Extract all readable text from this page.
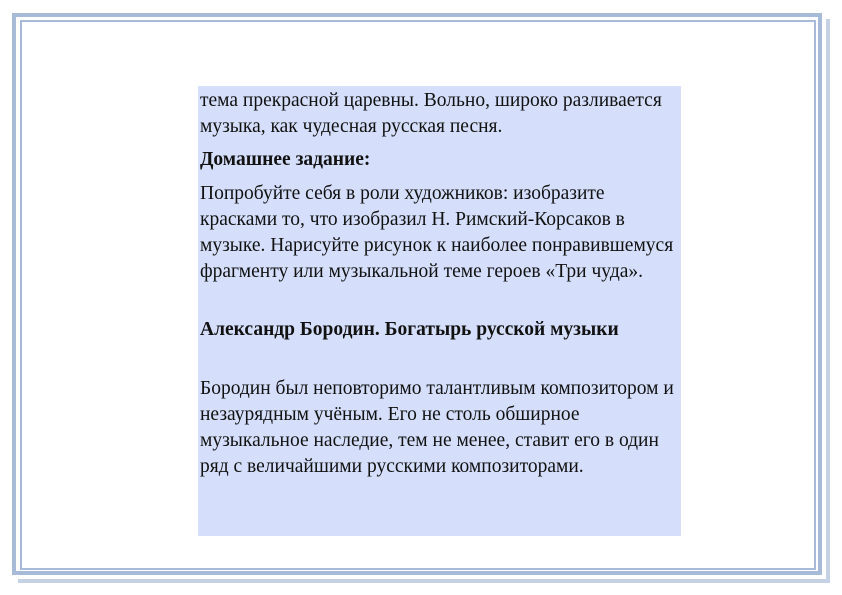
тема прекрасной царевны. Вольно, широко разливается музыка, как чудесная русская песня.

Домашнее задание:

Попробуйте себя в роли художников: изобразите красками то, что изобразил Н. Римский-Корсаков в музыке. Нарисуйте рисунок к наиболее понравившемуся фрагменту или музыкальной теме героев «Три чуда».

Александр Бородин. Богатырь русской музыки

Бородин был неповторимо талантливым композитором и незаурядным учёным. Его не столь обширное музыкальное наследие, тем не менее, ставит его в один ряд с величайшими русскими композиторами.
